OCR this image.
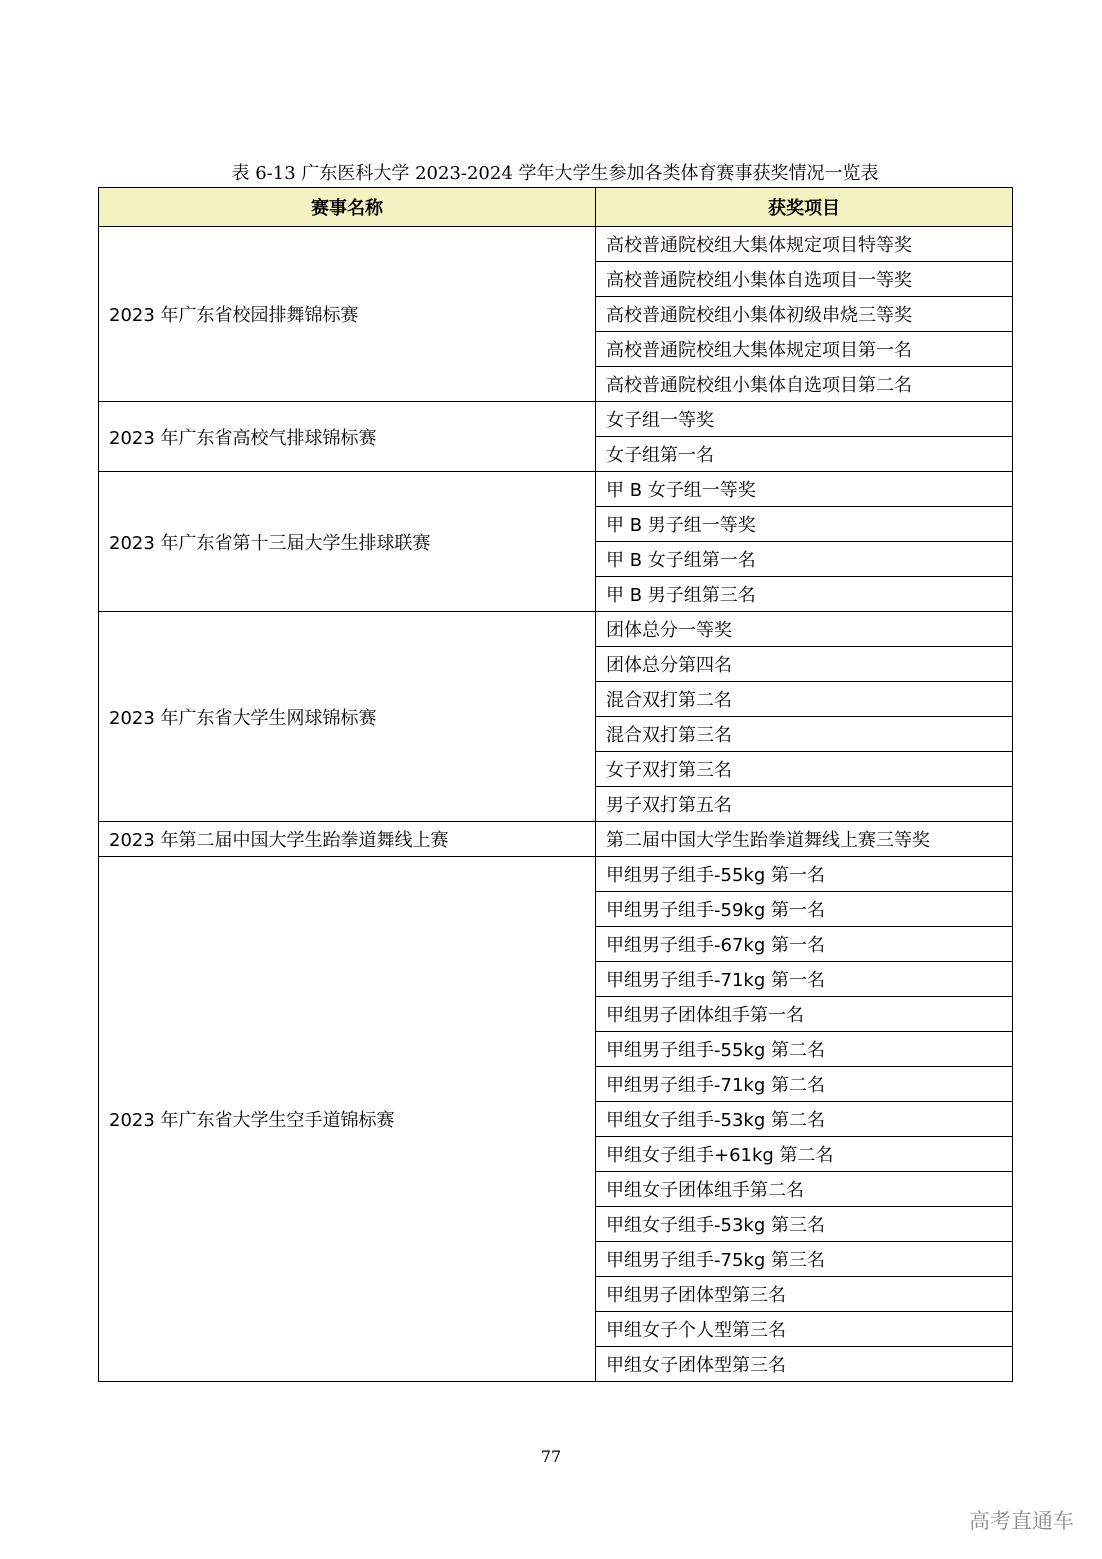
表 6-13 广东医科大学 2023-2024 学年大学生参加各类体育赛事获奖情况一览表
赛事名称	获奖项目
2023 年广东省校园排舞锦标赛	高校普通院校组大集体规定项目特等奖
	高校普通院校组小集体自选项目一等奖
	高校普通院校组小集体初级串烧三等奖
	高校普通院校组大集体规定项目第一名
	高校普通院校组小集体自选项目第二名
2023 年广东省高校气排球锦标赛	女子组一等奖
	女子组第一名
2023 年广东省第十三届大学生排球联赛	甲 B 女子组一等奖
	甲 B 男子组一等奖
	甲 B 女子组第一名
	甲 B 男子组第三名
2023 年广东省大学生网球锦标赛	团体总分一等奖
	团体总分第四名
	混合双打第二名
	混合双打第三名
	女子双打第三名
	男子双打第五名
2023 年第二届中国大学生跆拳道舞线上赛	第二届中国大学生跆拳道舞线上赛三等奖
2023 年广东省大学生空手道锦标赛	甲组男子组手-55kg 第一名
	甲组男子组手-59kg 第一名
	甲组男子组手-67kg 第一名
	甲组男子组手-71kg 第一名
	甲组男子团体组手第一名
	甲组男子组手-55kg 第二名
	甲组男子组手-71kg 第二名
	甲组女子组手-53kg 第二名
	甲组女子组手+61kg 第二名
	甲组女子团体组手第二名
	甲组女子组手-53kg 第三名
	甲组男子组手-75kg 第三名
	甲组男子团体型第三名
	甲组女子个人型第三名
	甲组女子团体型第三名
77
高考直通车
